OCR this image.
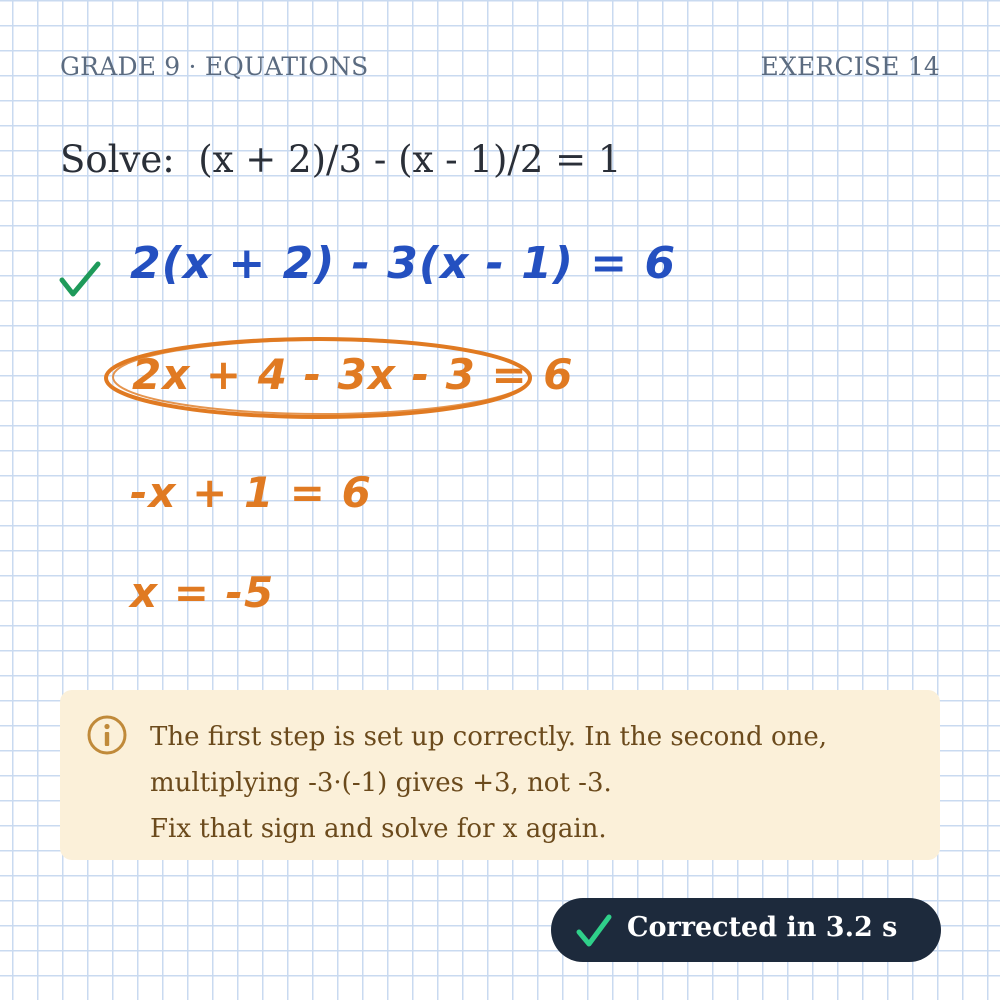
GRADE 9 · EQUATIONS	EXERCISE 14
Solve:  (x + 2)/3 - (x - 1)/2 = 1
2(x + 2) - 3(x - 1) = 6
2x + 4 - 3x - 3 = 6
-x + 1 = 6
x = -5
The first step is set up correctly. In the second one,
multiplying -3·(-1) gives +3, not -3.
Fix that sign and solve for x again.
Corrected in 3.2 s
